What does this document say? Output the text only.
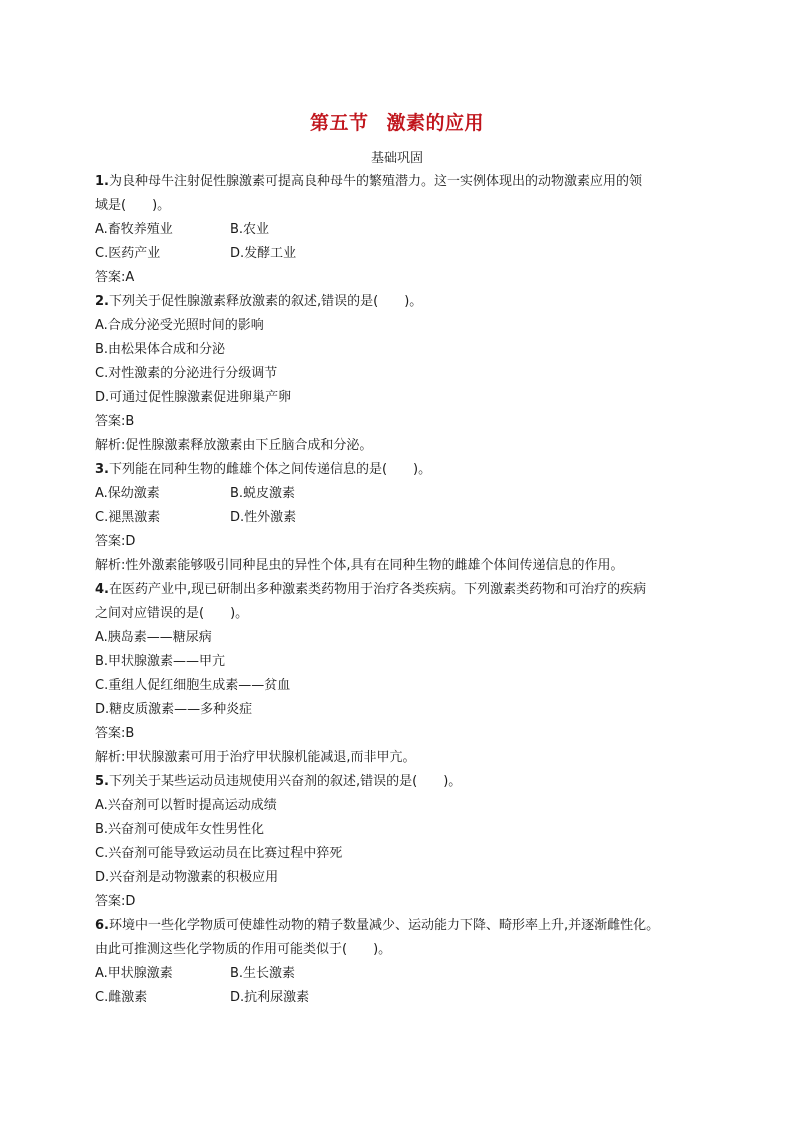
第五节 激素的应用
基础巩固
1.为良种母牛注射促性腺激素可提高良种母牛的繁殖潜力。这一实例体现出的动物激素应用的领
域是(　　)。
A.畜牧养殖业	B.农业
C.医药产业	D.发酵工业
答案:A
2.下列关于促性腺激素释放激素的叙述,错误的是(　　)。
A.合成分泌受光照时间的影响
B.由松果体合成和分泌
C.对性激素的分泌进行分级调节
D.可通过促性腺激素促进卵巢产卵
答案:B
解析:促性腺激素释放激素由下丘脑合成和分泌。
3.下列能在同种生物的雌雄个体之间传递信息的是(　　)。
A.保幼激素	B.蜕皮激素
C.褪黑激素	D.性外激素
答案:D
解析:性外激素能够吸引同种昆虫的异性个体,具有在同种生物的雌雄个体间传递信息的作用。
4.在医药产业中,现已研制出多种激素类药物用于治疗各类疾病。下列激素类药物和可治疗的疾病
之间对应错误的是(　　)。
A.胰岛素——糖尿病
B.甲状腺激素——甲亢
C.重组人促红细胞生成素——贫血
D.糖皮质激素——多种炎症
答案:B
解析:甲状腺激素可用于治疗甲状腺机能减退,而非甲亢。
5.下列关于某些运动员违规使用兴奋剂的叙述,错误的是(　　)。
A.兴奋剂可以暂时提高运动成绩
B.兴奋剂可使成年女性男性化
C.兴奋剂可能导致运动员在比赛过程中猝死
D.兴奋剂是动物激素的积极应用
答案:D
6.环境中一些化学物质可使雄性动物的精子数量减少、运动能力下降、畸形率上升,并逐渐雌性化。
由此可推测这些化学物质的作用可能类似于(　　)。
A.甲状腺激素	B.生长激素
C.雌激素	D.抗利尿激素
